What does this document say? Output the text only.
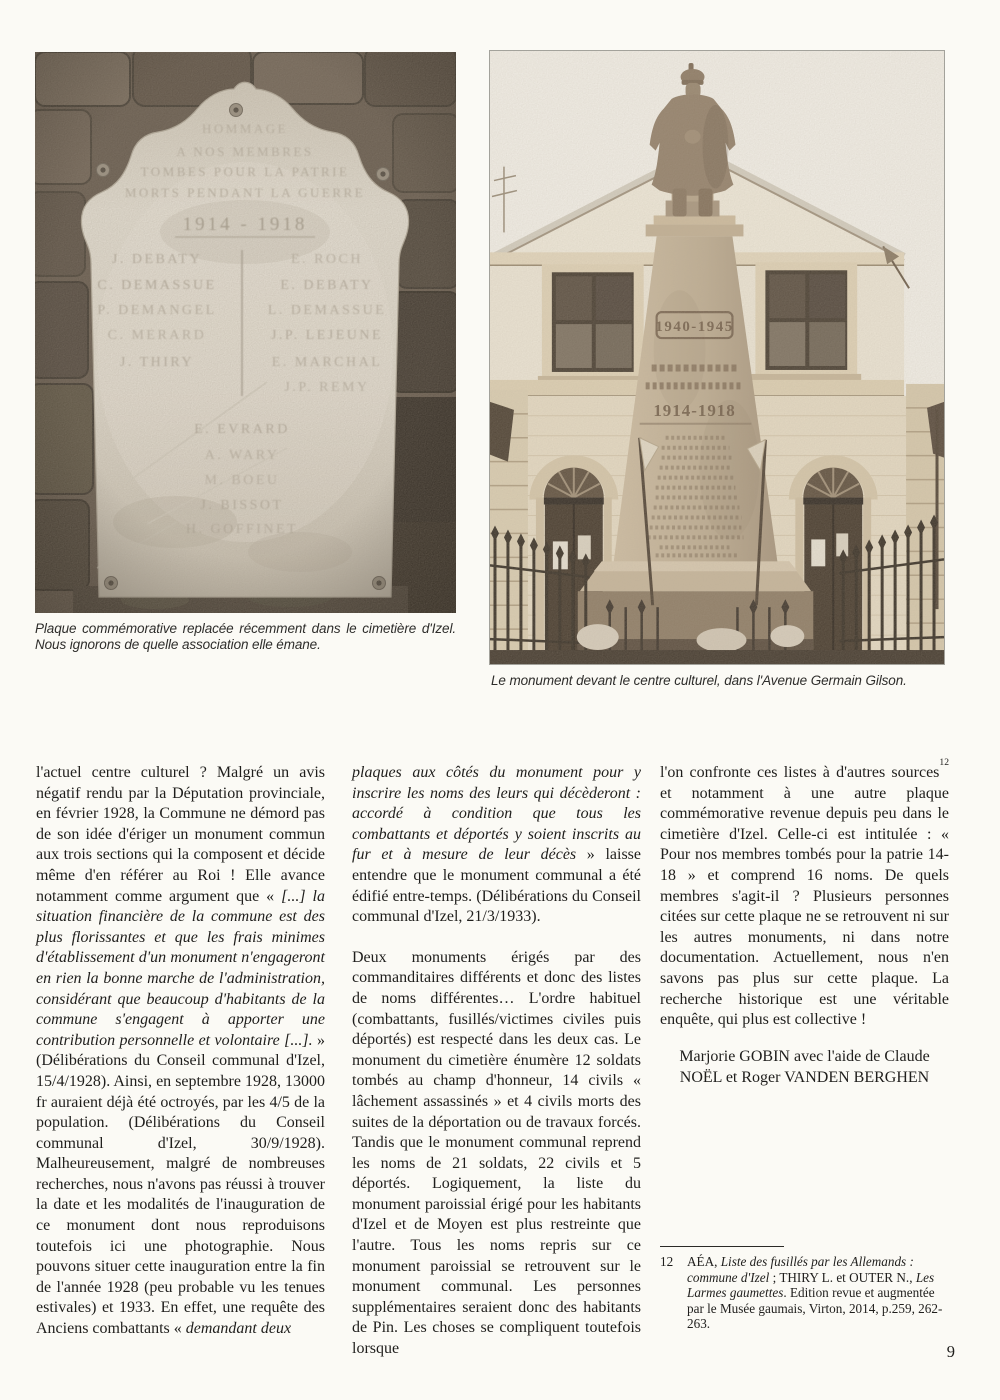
1940-1945
1914-1918
Plaque commémorative replacée récemment dans le cimetière d'Izel. Nous ignorons de quelle association elle émane.
Le monument devant le centre culturel, dans l'Avenue Germain Gilson.

l'actuel centre culturel ? Malgré un avis négatif rendu par la Députation provinciale, en février 1928, la Commune ne démord pas de son idée d'ériger un monument commun aux trois sections qui la composent et décide même d'en référer au Roi ! Elle avance notamment comme argument que « [...] la situation financière de la commune est des plus florissantes et que les frais minimes d'établissement d'un monument n'engageront en rien la bonne marche de l'administration, considérant que beaucoup d'habitants de la commune s'engagent à apporter une contribution personnelle et volontaire [...]. » (Délibérations du Conseil communal d'Izel, 15/4/1928). Ainsi, en septembre 1928, 13000 fr auraient déjà été octroyés, par les 4/5 de la population. (Délibérations du Conseil communal d'Izel, 30/9/1928). Malheureusement, malgré de nombreuses recherches, nous n'avons pas réussi à trouver la date et les modalités de l'inauguration de ce monument dont nous reproduisons toutefois ici une photographie. Nous pouvons situer cette inauguration entre la fin de l'année 1928 (peu probable vu les tenues estivales) et 1933. En effet, une requête des Anciens combattants « demandant deux

plaques aux côtés du monument pour y inscrire les noms des leurs qui décèderont : accordé à condition que tous les combattants et déportés y soient inscrits au fur et à mesure de leur décès » laisse entendre que le monument communal a été édifié entre-temps. (Délibérations du Conseil communal d'Izel, 21/3/1933).

Deux monuments érigés par des commanditaires différents et donc des listes de noms différentes… L'ordre habituel (combattants, fusillés/victimes civiles puis déportés) est respecté dans les deux cas. Le monument du cimetière énumère 12 soldats tombés au champ d'honneur, 14 civils « lâchement assassinés » et 4 civils morts des suites de la déportation ou de travaux forcés. Tandis que le monument communal reprend les noms de 21 soldats, 22 civils et 5 déportés. Logiquement, la liste du monument paroissial érigé pour les habitants d'Izel et de Moyen est plus restreinte que l'autre. Tous les noms repris sur ce monument paroissial se retrouvent sur le monument communal. Les personnes supplémentaires seraient donc des habitants de Pin. Les choses se compliquent toutefois lorsque

l'on confronte ces listes à d'autres sources$^{12}$ et notamment à une autre plaque commémorative revenue depuis peu dans le cimetière d'Izel. Celle-ci est intitulée : « Pour nos membres tombés pour la patrie 14-18 » et comprend 16 noms. De quels membres s'agit-il ? Plusieurs personnes citées sur cette plaque ne se retrouvent ni sur les autres monuments, ni dans notre documentation. Actuellement, nous n'en savons pas plus sur cette plaque. La recherche historique est une véritable enquête, qui plus est collective !

Marjorie GOBIN avec l'aide de Claude
NOËL et Roger VANDEN BERGHEN
12 AÉA, Liste des fusillés par les Allemands : commune d'Izel ; THIRY L. et OUTER N., Les Larmes gaumettes. Edition revue et augmentée par le Musée gaumais, Virton, 2014, p.259, 262-263.
9
